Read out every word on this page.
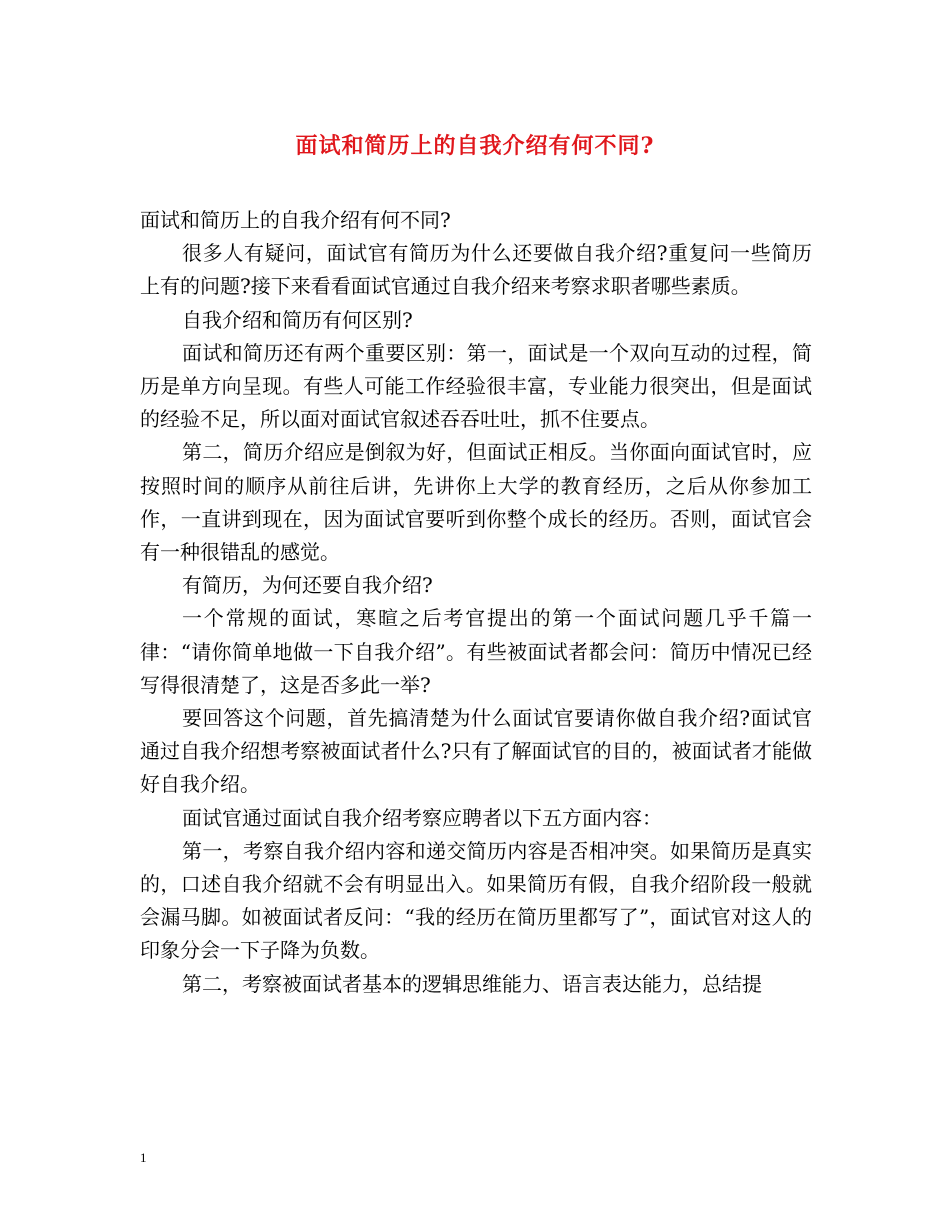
面试和简历上的自我介绍有何不同?

面试和简历上的自我介绍有何不同?

很多人有疑问，面试官有简历为什么还要做自我介绍?重复问一些简历上有的问题?接下来看看面试官通过自我介绍来考察求职者哪些素质。

自我介绍和简历有何区别?

面试和简历还有两个重要区别：第一，面试是一个双向互动的过程，简历是单方向呈现。有些人可能工作经验很丰富，专业能力很突出，但是面试的经验不足，所以面对面试官叙述吞吞吐吐，抓不住要点。

第二，简历介绍应是倒叙为好，但面试正相反。当你面向面试官时，应按照时间的顺序从前往后讲，先讲你上大学的教育经历，之后从你参加工作，一直讲到现在，因为面试官要听到你整个成长的经历。否则，面试官会有一种很错乱的感觉。

有简历，为何还要自我介绍?

一个常规的面试，寒暄之后考官提出的第一个面试问题几乎千篇一律：“请你简单地做一下自我介绍”。有些被面试者都会问：简历中情况已经写得很清楚了，这是否多此一举?

要回答这个问题，首先搞清楚为什么面试官要请你做自我介绍?面试官通过自我介绍想考察被面试者什么?只有了解面试官的目的，被面试者才能做好自我介绍。

面试官通过面试自我介绍考察应聘者以下五方面内容：

第一，考察自我介绍内容和递交简历内容是否相冲突。如果简历是真实的，口述自我介绍就不会有明显出入。如果简历有假，自我介绍阶段一般就会漏马脚。如被面试者反问：“我的经历在简历里都写了”，面试官对这人的印象分会一下子降为负数。

第二，考察被面试者基本的逻辑思维能力、语言表达能力，总结提

1
